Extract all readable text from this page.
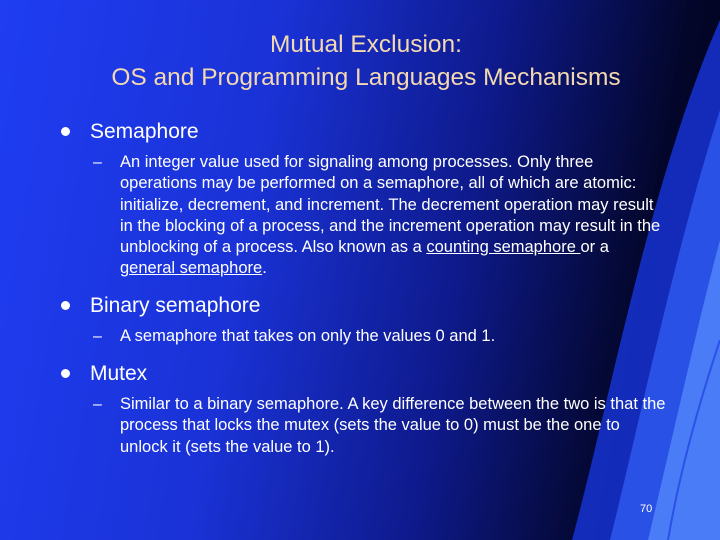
Mutual Exclusion:
OS and Programming Languages Mechanisms
Semaphore
– An integer value used for signaling among processes. Only three operations may be performed on a semaphore, all of which are atomic: initialize, decrement, and increment. The decrement operation may result in the blocking of a process, and the increment operation may result in the unblocking of a process. Also known as a counting semaphore or a general semaphore.
Binary semaphore
– A semaphore that takes on only the values 0 and 1.
Mutex
– Similar to a binary semaphore. A key difference between the two is that the process that locks the mutex (sets the value to 0) must be the one to unlock it (sets the value to 1).
70
